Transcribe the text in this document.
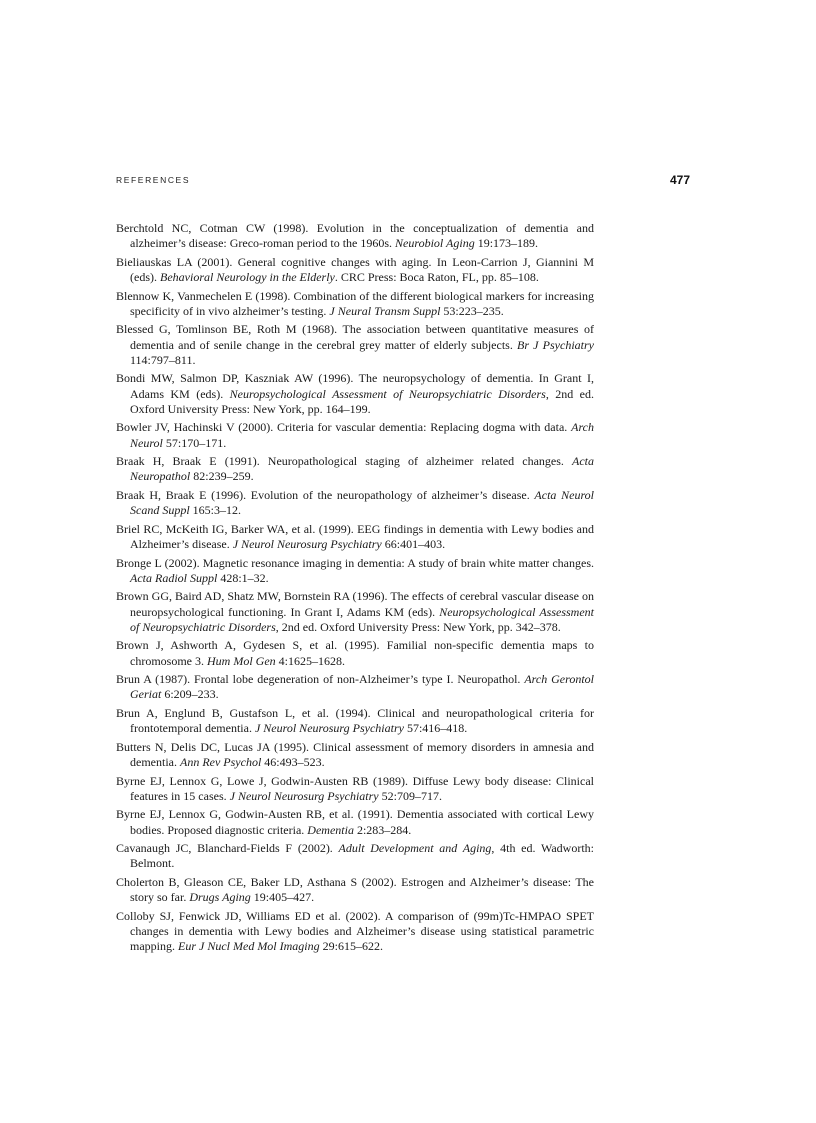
REFERENCES	477

Berchtold NC, Cotman CW (1998). Evolution in the conceptualization of dementia and alzheimer’s disease: Greco-roman period to the 1960s. Neurobiol Aging 19:173–189.

Bieliauskas LA (2001). General cognitive changes with aging. In Leon-Carrion J, Giannini M (eds). Behavioral Neurology in the Elderly. CRC Press: Boca Raton, FL, pp. 85–108.

Blennow K, Vanmechelen E (1998). Combination of the different biological markers for increasing specificity of in vivo alzheimer’s testing. J Neural Transm Suppl 53:223–235.

Blessed G, Tomlinson BE, Roth M (1968). The association between quantitative measures of dementia and of senile change in the cerebral grey matter of elderly subjects. Br J Psychiatry 114:797–811.

Bondi MW, Salmon DP, Kaszniak AW (1996). The neuropsychology of dementia. In Grant I, Adams KM (eds). Neuropsychological Assessment of Neuropsychiatric Disorders, 2nd ed. Oxford University Press: New York, pp. 164–199.

Bowler JV, Hachinski V (2000). Criteria for vascular dementia: Replacing dogma with data. Arch Neurol 57:170–171.

Braak H, Braak E (1991). Neuropathological staging of alzheimer related changes. Acta Neuropathol 82:239–259.

Braak H, Braak E (1996). Evolution of the neuropathology of alzheimer’s disease. Acta Neurol Scand Suppl 165:3–12.

Briel RC, McKeith IG, Barker WA, et al. (1999). EEG findings in dementia with Lewy bodies and Alzheimer’s disease. J Neurol Neurosurg Psychiatry 66:401–403.

Bronge L (2002). Magnetic resonance imaging in dementia: A study of brain white matter changes. Acta Radiol Suppl 428:1–32.

Brown GG, Baird AD, Shatz MW, Bornstein RA (1996). The effects of cerebral vascular disease on neuropsychological functioning. In Grant I, Adams KM (eds). Neuropsychological Assessment of Neuropsychiatric Disorders, 2nd ed. Oxford University Press: New York, pp. 342–378.

Brown J, Ashworth A, Gydesen S, et al. (1995). Familial non-specific dementia maps to chromosome 3. Hum Mol Gen 4:1625–1628.

Brun A (1987). Frontal lobe degeneration of non-Alzheimer’s type I. Neuropathol. Arch Gerontol Geriat 6:209–233.

Brun A, Englund B, Gustafson L, et al. (1994). Clinical and neuropathological criteria for frontotemporal dementia. J Neurol Neurosurg Psychiatry 57:416–418.

Butters N, Delis DC, Lucas JA (1995). Clinical assessment of memory disorders in amnesia and dementia. Ann Rev Psychol 46:493–523.

Byrne EJ, Lennox G, Lowe J, Godwin-Austen RB (1989). Diffuse Lewy body disease: Clinical features in 15 cases. J Neurol Neurosurg Psychiatry 52:709–717.

Byrne EJ, Lennox G, Godwin-Austen RB, et al. (1991). Dementia associated with cortical Lewy bodies. Proposed diagnostic criteria. Dementia 2:283–284.

Cavanaugh JC, Blanchard-Fields F (2002). Adult Development and Aging, 4th ed. Wadworth: Belmont.

Cholerton B, Gleason CE, Baker LD, Asthana S (2002). Estrogen and Alzheimer’s disease: The story so far. Drugs Aging 19:405–427.

Colloby SJ, Fenwick JD, Williams ED et al. (2002). A comparison of (99m)Tc-HMPAO SPET changes in dementia with Lewy bodies and Alzheimer’s disease using statistical parametric mapping. Eur J Nucl Med Mol Imaging 29:615–622.
